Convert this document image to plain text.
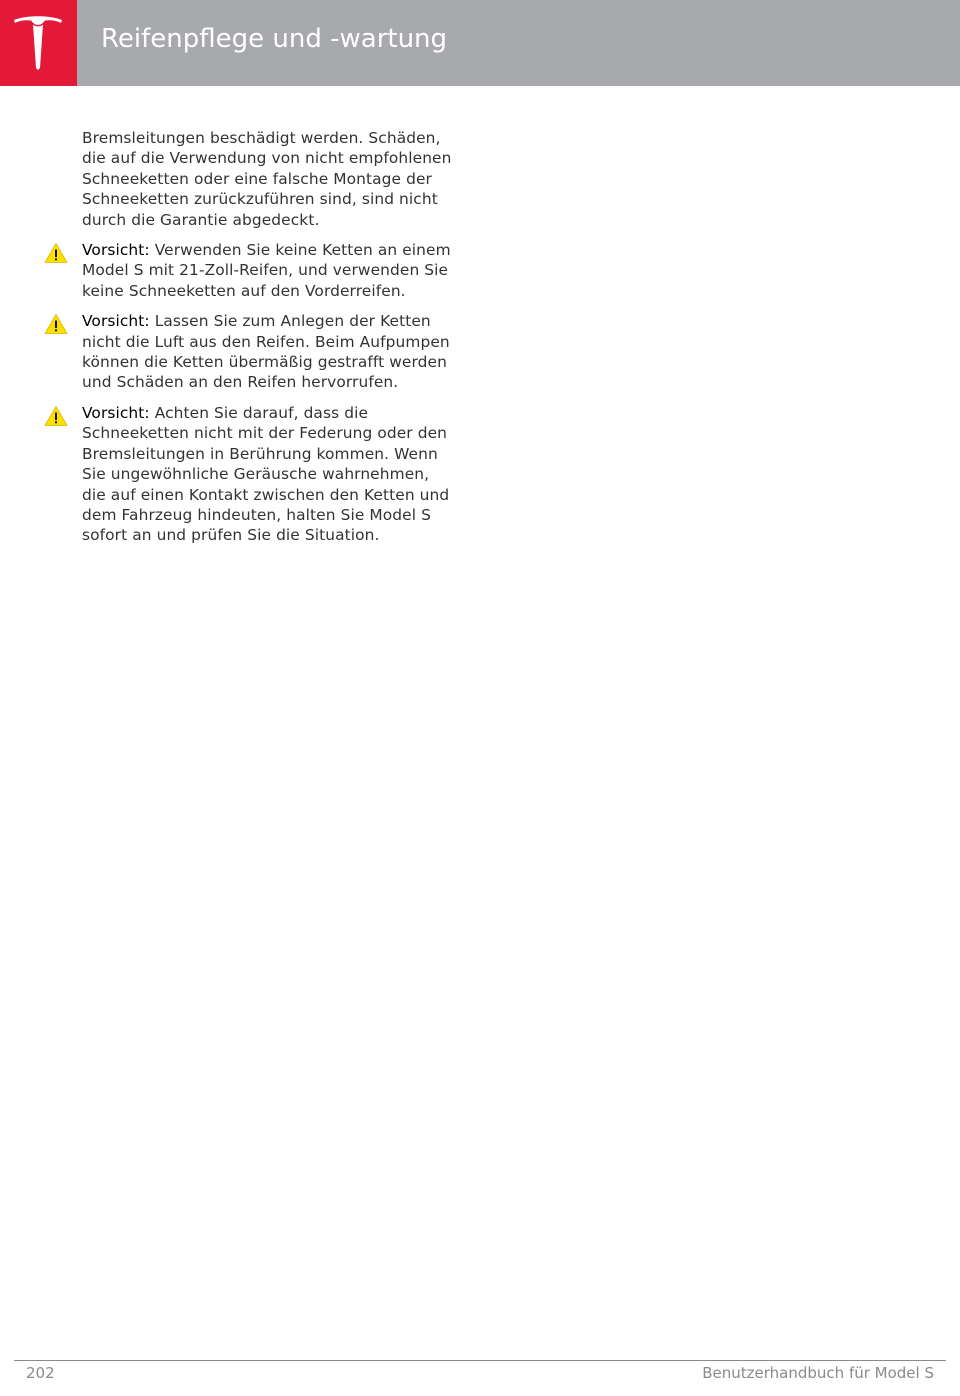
Reifenpflege und -wartung

Bremsleitungen beschädigt werden. Schäden, die auf die Verwendung von nicht empfohlenen Schneeketten oder eine falsche Montage der Schneeketten zurückzuführen sind, sind nicht durch die Garantie abgedeckt.

Vorsicht: Verwenden Sie keine Ketten an einem Model S mit 21-Zoll-Reifen, und verwenden Sie keine Schneeketten auf den Vorderreifen.
Vorsicht: Lassen Sie zum Anlegen der Ketten nicht die Luft aus den Reifen. Beim Aufpumpen können die Ketten übermäßig gestrafft werden und Schäden an den Reifen hervorrufen.
Vorsicht: Achten Sie darauf, dass die Schneeketten nicht mit der Federung oder den Bremsleitungen in Berührung kommen. Wenn Sie ungewöhnliche Geräusche wahrnehmen, die auf einen Kontakt zwischen den Ketten und dem Fahrzeug hindeuten, halten Sie Model S sofort an und prüfen Sie die Situation.
202	Benutzerhandbuch für Model S
